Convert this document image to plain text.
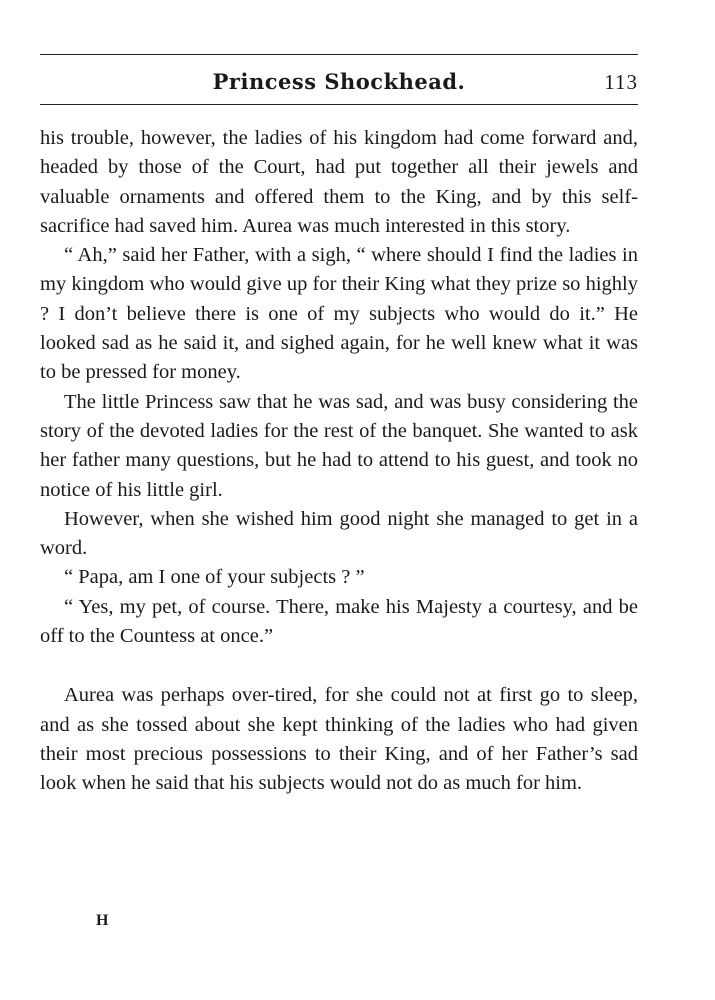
Princess Shockhead.	113

his trouble, however, the ladies of his kingdom had come forward and, headed by those of the Court, had put together all their jewels and valuable ornaments and offered them to the King, and by this self-sacrifice had saved him. Aurea was much interested in this story.

“ Ah,” said her Father, with a sigh, “ where should I find the ladies in my kingdom who would give up for their King what they prize so highly ? I don’t believe there is one of my subjects who would do it.” He looked sad as he said it, and sighed again, for he well knew what it was to be pressed for money.

The little Princess saw that he was sad, and was busy considering the story of the devoted ladies for the rest of the banquet. She wanted to ask her father many questions, but he had to attend to his guest, and took no notice of his little girl.

However, when she wished him good night she managed to get in a word.

“ Papa, am I one of your subjects ? ”

“ Yes, my pet, of course. There, make his Majesty a courtesy, and be off to the Countess at once.”

Aurea was perhaps over-tired, for she could not at first go to sleep, and as she tossed about she kept thinking of the ladies who had given their most precious possessions to their King, and of her Father’s sad look when he said that his subjects would not do as much for him.

H
